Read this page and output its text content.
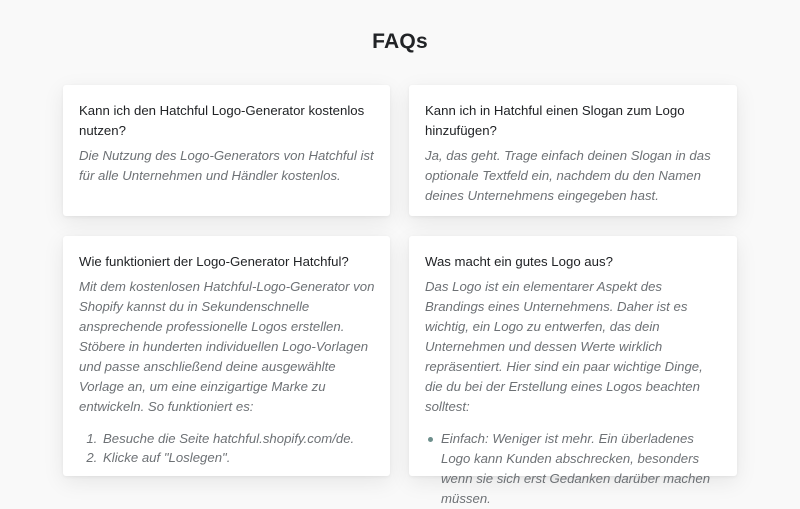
FAQs

Kann ich den Hatchful Logo-Generator kostenlos nutzen?

Die Nutzung des Logo-Generators von Hatchful ist für alle Unternehmen und Händler kostenlos.

Kann ich in Hatchful einen Slogan zum Logo hinzufügen?

Ja, das geht. Trage einfach deinen Slogan in das optionale Textfeld ein, nachdem du den Namen deines Unternehmens eingegeben hast.

Wie funktioniert der Logo-Generator Hatchful?

Mit dem kostenlosen Hatchful-Logo-Generator von Shopify kannst du in Sekundenschnelle ansprechende professionelle Logos erstellen. Stöbere in hunderten individuellen Logo-Vorlagen und passe anschließend deine ausgewählte Vorlage an, um eine einzigartige Marke zu entwickeln. So funktioniert es:

1. Besuche die Seite hatchful.shopify.com/de.
2. Klicke auf "Loslegen".

Was macht ein gutes Logo aus?

Das Logo ist ein elementarer Aspekt des Brandings eines Unternehmens. Daher ist es wichtig, ein Logo zu entwerfen, das dein Unternehmen und dessen Werte wirklich repräsentiert. Hier sind ein paar wichtige Dinge, die du bei der Erstellung eines Logos beachten solltest:

Einfach: Weniger ist mehr. Ein überladenes Logo kann Kunden abschrecken, besonders wenn sie sich erst Gedanken darüber machen müssen.
